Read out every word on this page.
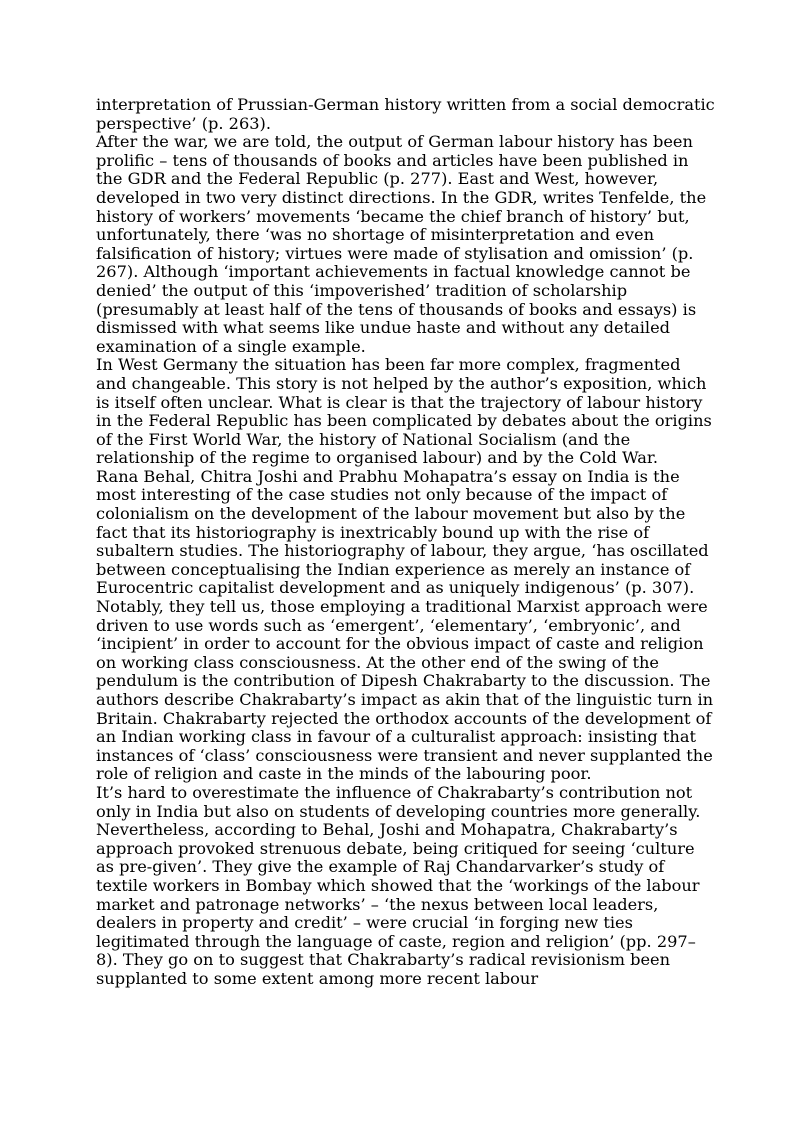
interpretation of Prussian-German history written from a social democratic perspective’ (p. 263).

After the war, we are told, the output of German labour history has been prolific – tens of thousands of books and articles have been published in the GDR and the Federal Republic (p. 277). East and West, however, developed in two very distinct directions. In the GDR, writes Tenfelde, the history of workers’ movements ‘became the chief branch of history’ but, unfortunately, there ‘was no shortage of misinterpretation and even falsification of history; virtues were made of stylisation and omission’ (p. 267). Although ‘important achievements in factual knowledge cannot be denied’ the output of this ‘impoverished’ tradition of scholarship (presumably at least half of the tens of thousands of books and essays) is dismissed with what seems like undue haste and without any detailed examination of a single example.

In West Germany the situation has been far more complex, fragmented and changeable. This story is not helped by the author’s exposition, which is itself often unclear. What is clear is that the trajectory of labour history in the Federal Republic has been complicated by debates about the origins of the First World War, the history of National Socialism (and the relationship of the regime to organised labour) and by the Cold War.

Rana Behal, Chitra Joshi and Prabhu Mohapatra’s essay on India is the most interesting of the case studies not only because of the impact of colonialism on the development of the labour movement but also by the fact that its historiography is inextricably bound up with the rise of subaltern studies. The historiography of labour, they argue, ‘has oscillated between conceptualising the Indian experience as merely an instance of Eurocentric capitalist development and as uniquely indigenous’ (p. 307). Notably, they tell us, those employing a traditional Marxist approach were driven to use words such as ‘emergent’, ‘elementary’, ‘embryonic’, and ‘incipient’ in order to account for the obvious impact of caste and religion on working class consciousness. At the other end of the swing of the pendulum is the contribution of Dipesh Chakrabarty to the discussion. The authors describe Chakrabarty’s impact as akin that of the linguistic turn in Britain. Chakrabarty rejected the orthodox accounts of the development of an Indian working class in favour of a culturalist approach: insisting that instances of ‘class’ consciousness were transient and never supplanted the role of religion and caste in the minds of the labouring poor.

It’s hard to overestimate the influence of Chakrabarty’s contribution not only in India but also on students of developing countries more generally. Nevertheless, according to Behal, Joshi and Mohapatra, Chakrabarty’s approach provoked strenuous debate, being critiqued for seeing ‘culture as pre-given’. They give the example of Raj Chandarvarker’s study of textile workers in Bombay which showed that the ‘workings of the labour market and patronage networks’ – ‘the nexus between local leaders, dealers in property and credit’ – were crucial ‘in forging new ties legitimated through the language of caste, region and religion’ (pp. 297–8). They go on to suggest that Chakrabarty’s radical revisionism been supplanted to some extent among more recent labour
